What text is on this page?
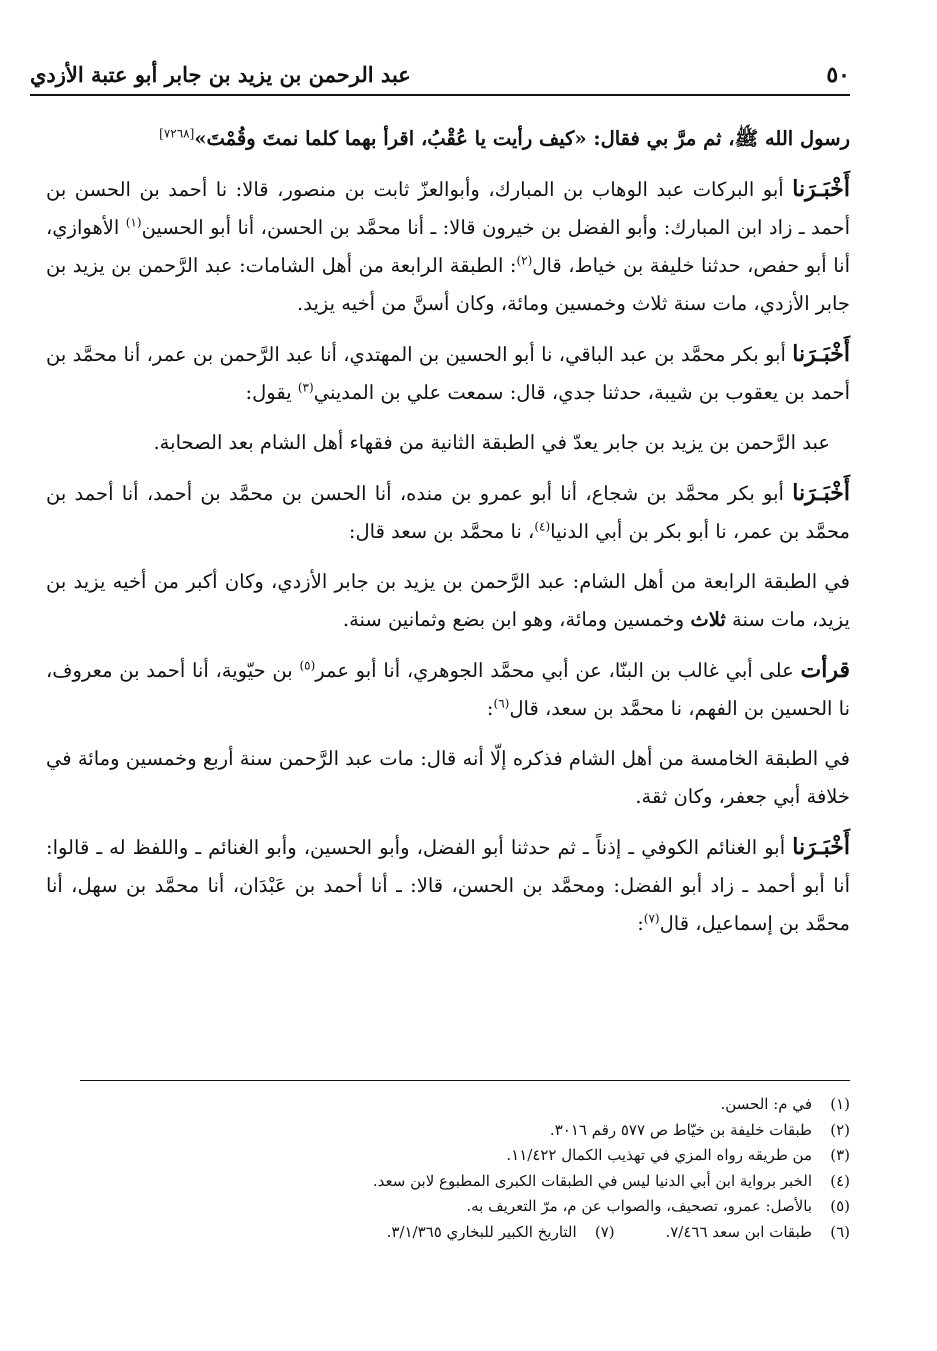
٥٠
عبد الرحمن بن يزيد بن جابر أبو عتبة الأزدي

رسول الله ﷺ، ثم مرَّ بي فقال: «كيف رأيت يا عُقْبُ، اقرأ بهما كلما نمتَ وقُمْتَ»[٧٢٦٨]

أَخْبَـرَنا أبو البركات عبد الوهاب بن المبارك، وأبوالعزّ ثابت بن منصور، قالا: نا أحمد بن الحسن بن أحمد ـ زاد ابن المبارك: وأبو الفضل بن خيرون قالا: ـ أنا محمَّد بن الحسن، أنا أبو الحسين$^{(١)}$ الأهوازي، أنا أبو حفص، حدثنا خليفة بن خياط، قال$^{(٢)}$: الطبقة الرابعة من أهل الشامات: عبد الرَّحمن بن يزيد بن جابر الأزدي، مات سنة ثلاث وخمسين ومائة، وكان أسنَّ من أخيه يزيد.

أَخْبَـرَنا أبو بكر محمَّد بن عبد الباقي، نا أبو الحسين بن المهتدي، أنا عبد الرَّحمن بن عمر، أنا محمَّد بن أحمد بن يعقوب بن شيبة، حدثنا جدي، قال: سمعت علي بن المديني$^{(٣)}$ يقول:

عبد الرَّحمن بن يزيد بن جابر يعدّ في الطبقة الثانية من فقهاء أهل الشام بعد الصحابة.

أَخْبَـرَنا أبو بكر محمَّد بن شجاع، أنا أبو عمرو بن منده، أنا الحسن بن محمَّد بن أحمد، أنا أحمد بن محمَّد بن عمر، نا أبو بكر بن أبي الدنيا$^{(٤)}$، نا محمَّد بن سعد قال:

في الطبقة الرابعة من أهل الشام: عبد الرَّحمن بن يزيد بن جابر الأزدي، وكان أكبر من أخيه يزيد بن يزيد، مات سنة ثلاث وخمسين ومائة، وهو ابن بضع وثمانين سنة.

قرأت على أبي غالب بن البنّا، عن أبي محمَّد الجوهري، أنا أبو عمر$^{(٥)}$ بن حيّوية، أنا أحمد بن معروف، نا الحسين بن الفهم، نا محمَّد بن سعد، قال$^{(٦)}$:

في الطبقة الخامسة من أهل الشام فذكره إلّا أنه قال: مات عبد الرَّحمن سنة أربع وخمسين ومائة في خلافة أبي جعفر، وكان ثقة.

أَخْبَـرَنا أبو الغنائم الكوفي ـ إذناً ـ ثم حدثنا أبو الفضل، وأبو الحسين، وأبو الغنائم ـ واللفظ له ـ قالوا: أنا أبو أحمد ـ زاد أبو الفضل: ومحمَّد بن الحسن، قالا: ـ أنا أحمد بن عَبْدَان، أنا محمَّد بن سهل، أنا محمَّد بن إسماعيل، قال$^{(٧)}$:

(١)في م: الحسن.
(٢)طبقات خليفة بن خيّاط ص ٥٧٧ رقم ٣٠١٦.
(٣)من طريقه رواه المزي في تهذيب الكمال ١١/٤٢٢.
(٤)الخبر برواية ابن أبي الدنيا ليس في الطبقات الكبرى المطبوع لابن سعد.
(٥)بالأصل: عمرو، تصحيف، والصواب عن م، مرّ التعريف به.
(٦)طبقات ابن سعد ٧/٤٦٦. (٧)التاريخ الكبير للبخاري ٣/١/٣٦٥.
